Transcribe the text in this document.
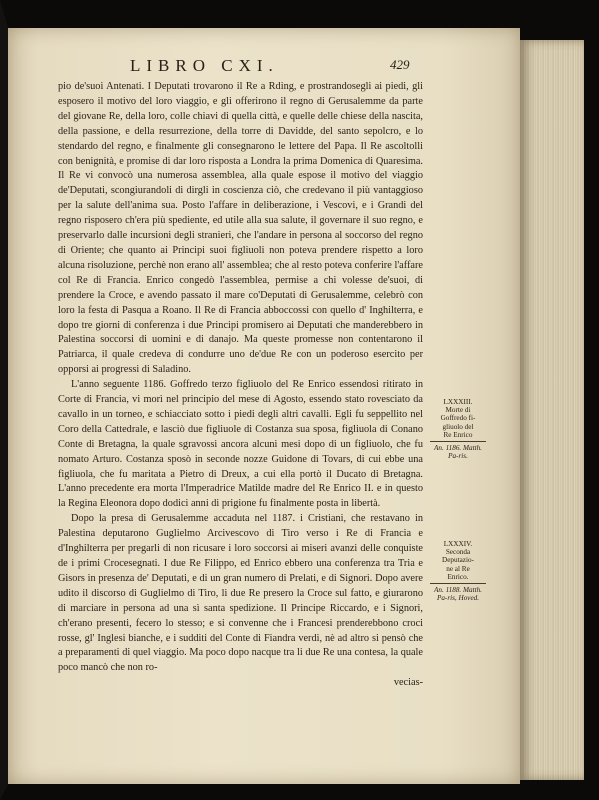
LIBRO CXI.	429

pio de'suoi Antenati. I Deputati trovarono il Re a Rding, e prostrandosegli ai piedi, gli esposero il motivo del loro viaggio, e gli offerirono il regno di Gerusalemme da parte del giovane Re, della loro, colle chiavi di quella città, e quelle delle chiese della nascita, della passione, e della resurrezione, della torre di Davidde, del santo sepolcro, e lo stendardo del regno, e finalmente gli consegnarono le lettere del Papa. Il Re ascoltolli con benignità, e promise di dar loro risposta a Londra la prima Domenica di Quaresima. Il Re vi convocò una numerosa assemblea, alla quale espose il motivo del viaggio de'Deputati, scongiurandoli di dirgli in coscienza ciò, che credevano il più vantaggioso per la salute dell'anima sua. Posto l'affare in deliberazione, i Vescovi, e i Grandi del regno risposero ch'era più spediente, ed utile alla sua salute, il governare il suo regno, e preservarlo dalle incursioni degli stranieri, che l'andare in persona al soccorso del regno di Oriente; che quanto ai Principi suoi figliuoli non poteva prendere rispetto a loro alcuna risoluzione, perchè non erano all' assemblea; che al resto poteva conferire l'affare col Re di Francia. Enrico congedò l'assemblea, permise a chi volesse de'suoi, di prendere la Croce, e avendo passato il mare co'Deputati di Gerusalemme, celebrò con loro la festa di Pasqua a Roano. Il Re di Francia abboccossi con quello d' Inghilterra, e dopo tre giorni di conferenza i due Principi promisero ai Deputati che manderebbero in Palestina soccorsi di uomini e di danajo. Ma queste promesse non contentarono il Patriarca, il quale credeva di condurre uno de'due Re con un poderoso esercito per opporsi ai progressi di Saladino.

L'anno seguente 1186. Goffredo terzo figliuolo del Re Enrico essendosi ritirato in Corte di Francia, vi morì nel principio del mese di Agosto, essendo stato rovesciato da cavallo in un torneo, e schiacciato sotto i piedi degli altri cavalli. Egli fu seppellito nel Coro della Cattedrale, e lasciò due figliuole di Costanza sua sposa, figliuola di Conano Conte di Bretagna, la quale sgravossi ancora alcuni mesi dopo di un figliuolo, che fu nomato Arturo. Costanza sposò in seconde nozze Guidone di Tovars, di cui ebbe una figliuola, che fu maritata a Pietro di Dreux, a cui ella portò il Ducato di Bretagna. L'anno precedente era morta l'Imperadrice Matilde madre del Re Enrico II. e in questo la Regina Eleonora dopo dodici anni di prigione fu finalmente posta in libertà.

Dopo la presa di Gerusalemme accaduta nel 1187. i Cristiani, che restavano in Palestina deputarono Guglielmo Arcivescovo di Tiro verso i Re di Francia e d'Inghilterra per pregarli di non ricusare i loro soccorsi ai miseri avanzi delle conquiste de i primi Crocesegnati. I due Re Filippo, ed Enrico ebbero una conferenza tra Tria e Gisors in presenza de' Deputati, e di un gran numero di Prelati, e di Signori. Dopo avere udito il discorso di Guglielmo di Tiro, li due Re presero la Croce sul fatto, e giurarono di marciare in persona ad una sì santa spedizione. Il Principe Riccardo, e i Signori, ch'erano presenti, fecero lo stesso; e si convenne che i Francesi prenderebbono croci rosse, gl' Inglesi bianche, e i sudditi del Conte di Fiandra verdi, nè ad altro si pensò che a preparamenti di quel viaggio. Ma poco dopo nacque tra li due Re una contesa, la quale poco mancò che non ro-

vecias-
LXXXIII.
Morte di
Goffredo fi-
gliuolo del
Re Enrico
An. 1186. Matth. Pa-ris.
LXXXIV.
Seconda
Deputazio-
ne al Re
Enrico.
An. 1188. Matth. Pa-ris, Hoved.
